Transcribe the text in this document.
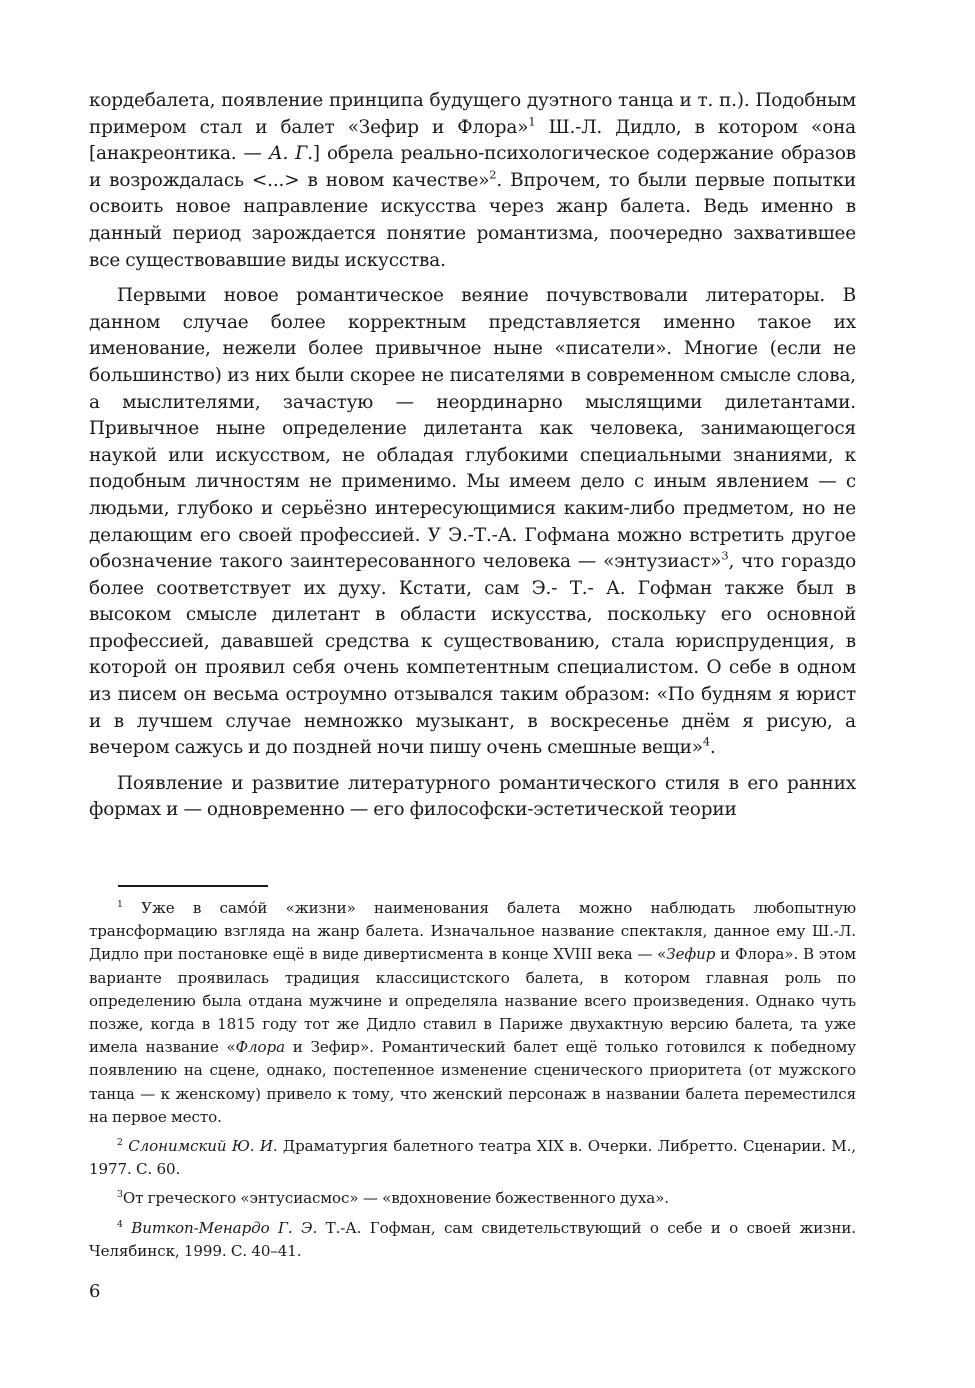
кордебалета, появление принципа будущего дуэтного танца и т. п.). Подобным примером стал и балет «Зефир и Флора»$^1$ Ш.-Л. Дидло, в котором «она [анакреонтика. — А. Г.] обрела реально-психологическое содержание образов и возрождалась <...> в новом качестве»$^2$. Впрочем, то были первые попытки освоить новое направление искусства через жанр балета. Ведь именно в данный период зарождается понятие романтизма, поочередно захватившее все существовавшие виды искусства.

Первыми новое романтическое веяние почувствовали литераторы. В данном случае более корректным представляется именно такое их именование, нежели более привычное ныне «писатели». Многие (если не большинство) из них были скорее не писателями в современном смысле слова, а мыслителями, зачастую — неординарно мыслящими дилетантами. Привычное ныне определение дилетанта как человека, занимающегося наукой или искусством, не обладая глубокими специальными знаниями, к подобным личностям не применимо. Мы имеем дело с иным явлением — с людьми, глубоко и серьёзно интересующимися каким-либо предметом, но не делающим его своей профессией. У Э.-Т.-А. Гофмана можно встретить другое обозначение такого заинтересованного человека — «энтузиаст»$^3$, что гораздо более соответствует их духу. Кстати, сам Э.- Т.- А. Гофман также был в высоком смысле дилетант в области искусства, поскольку его основной профессией, дававшей средства к существованию, стала юриспруденция, в которой он проявил себя очень компетентным специалистом. О себе в одном из писем он весьма остроумно отзывался таким образом: «По будням я юрист и в лучшем случае немножко музыкант, в воскресенье днём я рисую, а вечером сажусь и до поздней ночи пишу очень смешные вещи»$^4$.

Появление и развитие литературного романтического стиля в его ранних формах и — одновременно — его философски-эстетической теории

$^1$ Уже в само́й «жизни» наименования балета можно наблюдать любопытную трансформацию взгляда на жанр балета. Изначальное название спектакля, данное ему Ш.-Л. Дидло при постановке ещё в виде дивертисмента в конце XVIII века — «Зефир и Флора». В этом варианте проявилась традиция классицистского балета, в котором главная роль по определению была отдана мужчине и определяла название всего произведения. Однако чуть позже, когда в 1815 году тот же Дидло ставил в Париже двухактную версию балета, та уже имела название «Флора и Зефир». Романтический балет ещё только готовился к победному появлению на сцене, однако, постепенное изменение сценического приоритета (от мужского танца — к женскому) привело к тому, что женский персонаж в названии балета переместился на первое место.

$^2$ Слонимский Ю. И. Драматургия балетного театра XIX в. Очерки. Либретто. Сценарии. М., 1977. С. 60.

$^3$От греческого «энтусиасмос» — «вдохновение божественного духа».

$^4$ Виткоп-Менардо Г. Э. Т.-А. Гофман, сам свидетельствующий о себе и о своей жизни. Челябинск, 1999. С. 40–41.

6
